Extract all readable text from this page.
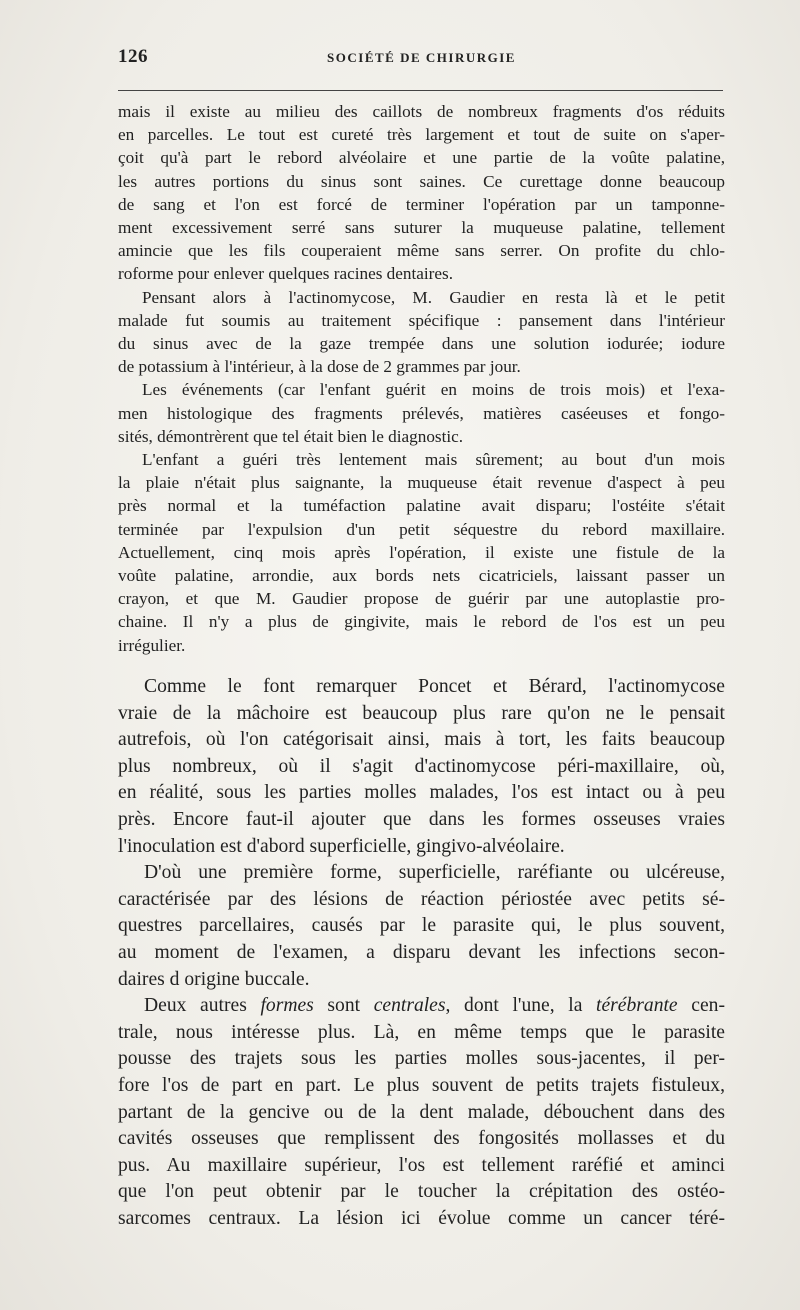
126	SOCIÉTÉ DE CHIRURGIE
mais il existe au milieu des caillots de nombreux fragments d'os réduits
en parcelles. Le tout est cureté très largement et tout de suite on s'aper-
çoit qu'à part le rebord alvéolaire et une partie de la voûte palatine,
les autres portions du sinus sont saines. Ce curettage donne beaucoup
de sang et l'on est forcé de terminer l'opération par un tamponne-
ment excessivement serré sans suturer la muqueuse palatine, tellement
amincie que les fils couperaient même sans serrer. On profite du chlo-
roforme pour enlever quelques racines dentaires.
Pensant alors à l'actinomycose, M. Gaudier en resta là et le petit
malade fut soumis au traitement spécifique : pansement dans l'intérieur
du sinus avec de la gaze trempée dans une solution iodurée; iodure
de potassium à l'intérieur, à la dose de 2 grammes par jour.
Les événements (car l'enfant guérit en moins de trois mois) et l'exa-
men histologique des fragments prélevés, matières caséeuses et fongo-
sités, démontrèrent que tel était bien le diagnostic.
L'enfant a guéri très lentement mais sûrement; au bout d'un mois
la plaie n'était plus saignante, la muqueuse était revenue d'aspect à peu
près normal et la tuméfaction palatine avait disparu; l'ostéite s'était
terminée par l'expulsion d'un petit séquestre du rebord maxillaire.
Actuellement, cinq mois après l'opération, il existe une fistule de la
voûte palatine, arrondie, aux bords nets cicatriciels, laissant passer un
crayon, et que M. Gaudier propose de guérir par une autoplastie pro-
chaine. Il n'y a plus de gingivite, mais le rebord de l'os est un peu
irrégulier.
Comme le font remarquer Poncet et Bérard, l'actinomycose
vraie de la mâchoire est beaucoup plus rare qu'on ne le pensait
autrefois, où l'on catégorisait ainsi, mais à tort, les faits beaucoup
plus nombreux, où il s'agit d'actinomycose péri-maxillaire, où,
en réalité, sous les parties molles malades, l'os est intact ou à peu
près. Encore faut-il ajouter que dans les formes osseuses vraies
l'inoculation est d'abord superficielle, gingivo-alvéolaire.
D'où une première forme, superficielle, raréfiante ou ulcéreuse,
caractérisée par des lésions de réaction périostée avec petits sé-
questres parcellaires, causés par le parasite qui, le plus souvent,
au moment de l'examen, a disparu devant les infections secon-
daires d origine buccale.
Deux autres formes sont centrales, dont l'une, la térébrante cen-
trale, nous intéresse plus. Là, en même temps que le parasite
pousse des trajets sous les parties molles sous-jacentes, il per-
fore l'os de part en part. Le plus souvent de petits trajets fistuleux,
partant de la gencive ou de la dent malade, débouchent dans des
cavités osseuses que remplissent des fongosités mollasses et du
pus. Au maxillaire supérieur, l'os est tellement raréfié et aminci
que l'on peut obtenir par le toucher la crépitation des ostéo-
sarcomes centraux. La lésion ici évolue comme un cancer téré-
